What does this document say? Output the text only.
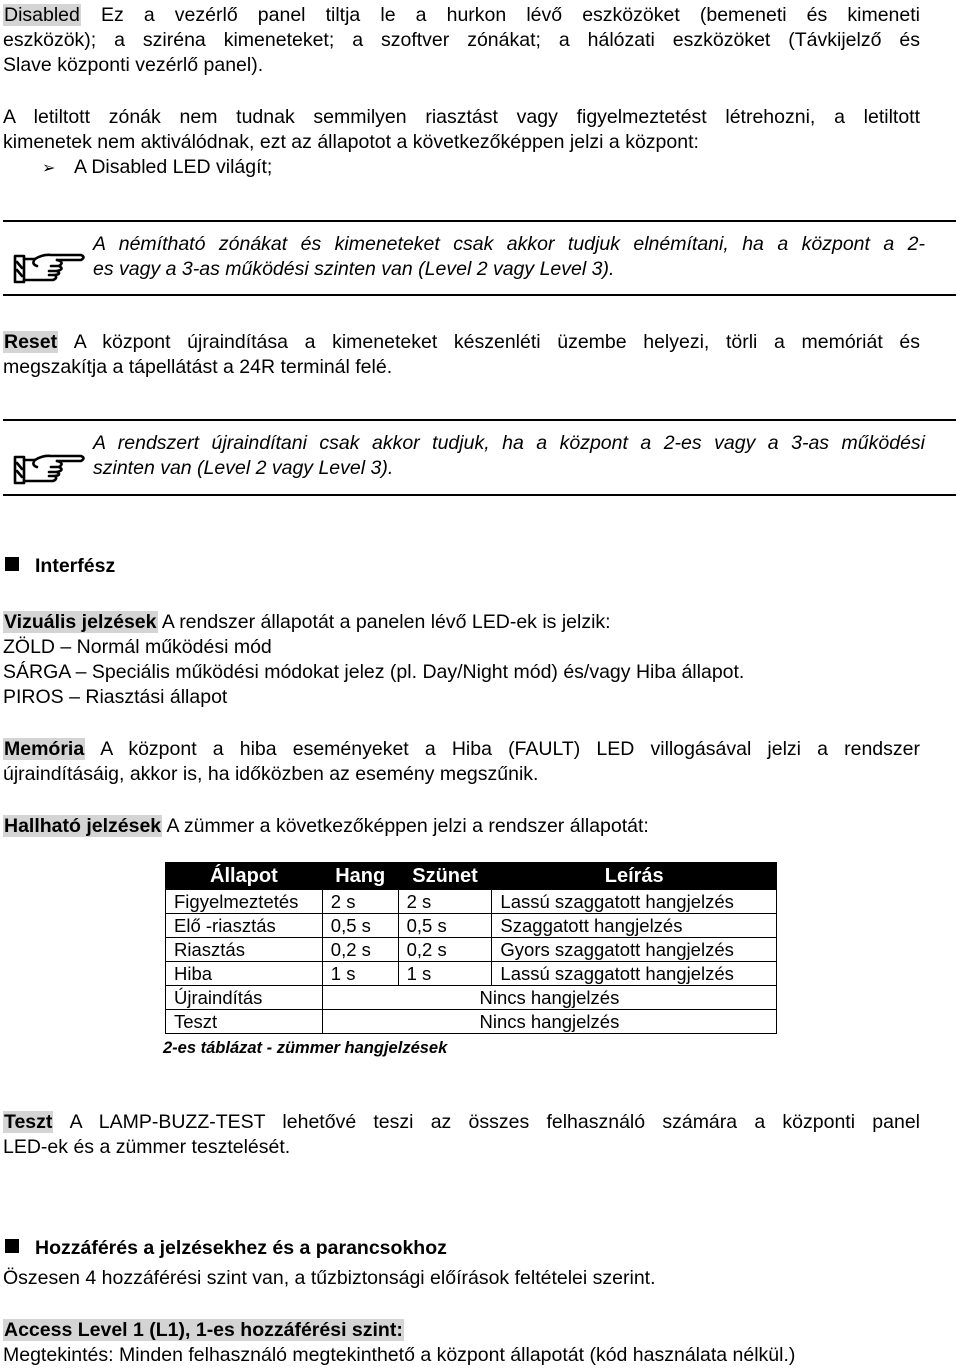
Disabled Ez a vezérlő panel tiltja le a hurkon lévő eszközöket (bemeneti és kimeneti
eszközök); a sziréna kimeneteket; a szoftver zónákat; a hálózati eszközöket (Távkijelző és
Slave központi vezérlő panel).
A letiltott zónák nem tudnak semmilyen riasztást vagy figyelmeztetést létrehozni, a letiltott
kimenetek nem aktiválódnak, ezt az állapotot a következőképpen jelzi a központ:
➢ A Disabled LED világít;
A némítható zónákat és kimeneteket csak akkor tudjuk elnémítani, ha a központ a 2-
es vagy a 3-as működési szinten van (Level 2 vagy Level 3).
Reset A központ újraindítása a kimeneteket készenléti üzembe helyezi, törli a memóriát és
megszakítja a tápellátást a 24R terminál felé.
A rendszert újraindítani csak akkor tudjuk, ha a központ a 2-es vagy a 3-as működési
szinten van (Level 2 vagy Level 3).
Interfész
Vizuális jelzések A rendszer állapotát a panelen lévő LED-ek is jelzik:
ZÖLD – Normál működési mód
SÁRGA – Speciális működési módokat jelez (pl. Day/Night mód) és/vagy Hiba állapot.
PIROS – Riasztási állapot
Memória A központ a hiba eseményeket a Hiba (FAULT) LED villogásával jelzi a rendszer
újraindításáig, akkor is, ha időközben az esemény megszűnik.
Hallható jelzések A zümmer a következőképpen jelzi a rendszer állapotát:
Állapot	Hang	Szünet	Leírás
Figyelmeztetés	2 s	2 s	Lassú szaggatott hangjelzés
Elő -riasztás	0,5 s	0,5 s	Szaggatott hangjelzés
Riasztás	0,2 s	0,2 s	Gyors szaggatott hangjelzés
Hiba	1 s	1 s	Lassú szaggatott hangjelzés
Újraindítás	Nincs hangjelzés		
Teszt	Nincs hangjelzés		
2-es táblázat - zümmer hangjelzések
Teszt A LAMP-BUZZ-TEST lehetővé teszi az összes felhasználó számára a központi panel
LED-ek és a zümmer tesztelését.
Hozzáférés a jelzésekhez és a parancsokhoz
Öszesen 4 hozzáférési szint van, a tűzbiztonsági előírások feltételei szerint.
Access Level 1 (L1), 1-es hozzáférési szint:
Megtekintés: Minden felhasználó megtekinthető a központ állapotát (kód használata nélkül.)
